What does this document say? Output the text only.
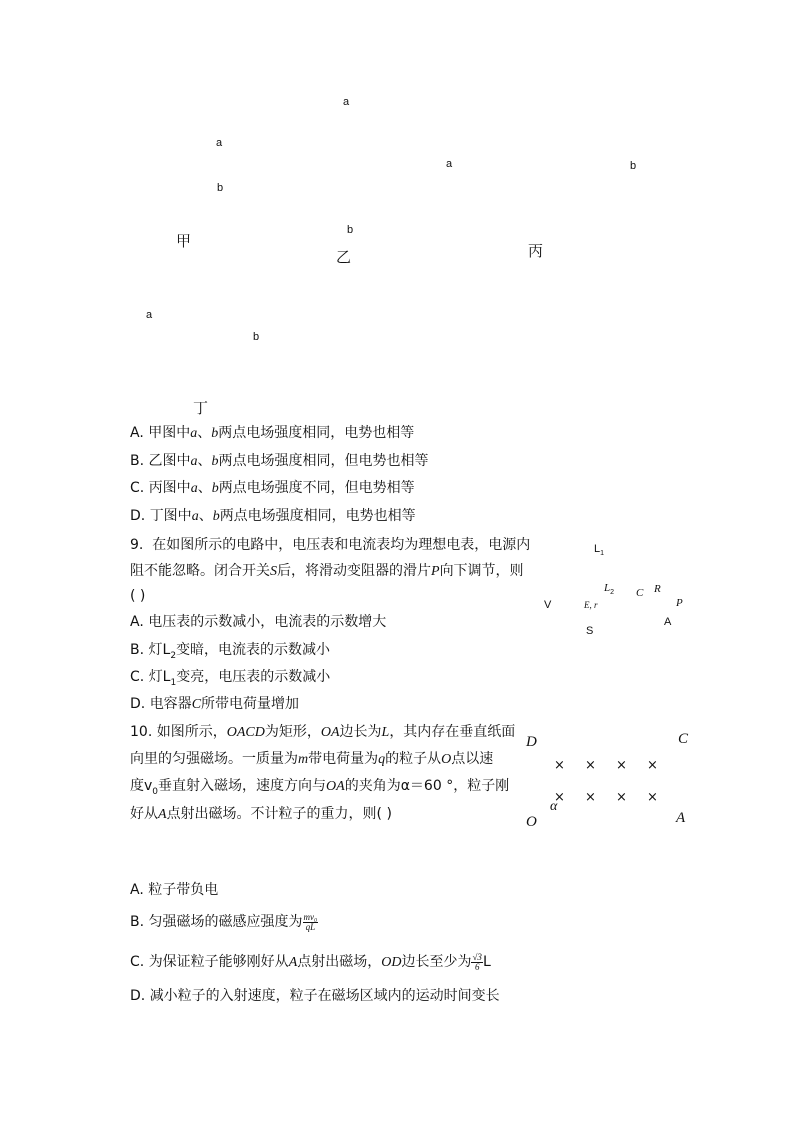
a
b
甲
a
b
乙
a	b
丙
a
b
丁
A. 甲图中a、b两点电场强度相同，电势也相等
B. 乙图中a、b两点电场强度相同，但电势也相等
C. 丙图中a、b两点电场强度不同，但电势相等
D. 丁图中a、b两点电场强度相同，电势也相等
9. 在如图所示的电路中，电压表和电流表均为理想电表，电源内
阻不能忽略。闭合开关S后，将滑动变阻器的滑片P向下调节，则
( )
A. 电压表的示数减小，电流表的示数增大
B. 灯$L_2$变暗，电流表的示数减小
C. 灯$L_1$变亮，电压表的示数减小
D. 电容器C所带电荷量增加
$L_1$
$L_2$
V
A
E, r
C R
P
S
10. 如图所示，OACD为矩形，OA边长为L，其内存在垂直纸面
向里的匀强磁场。一质量为m带电荷量为q的粒子从O点以速
度$v_0$垂直射入磁场，速度方向与OA的夹角为α＝60 °，粒子刚
好从A点射出磁场。不计粒子的重力，则( )
× × × ×
× × × ×
D	C
O	A
α
A. 粒子带负电
B. 匀强磁场的磁感应强度为 $\frac{\text{mv₀}}{qL}$
C. 为保证粒子能够刚好从A点射出磁场，OD边长至少为 $\frac{√3}{6}$ L
D. 减小粒子的入射速度，粒子在磁场区域内的运动时间变长
